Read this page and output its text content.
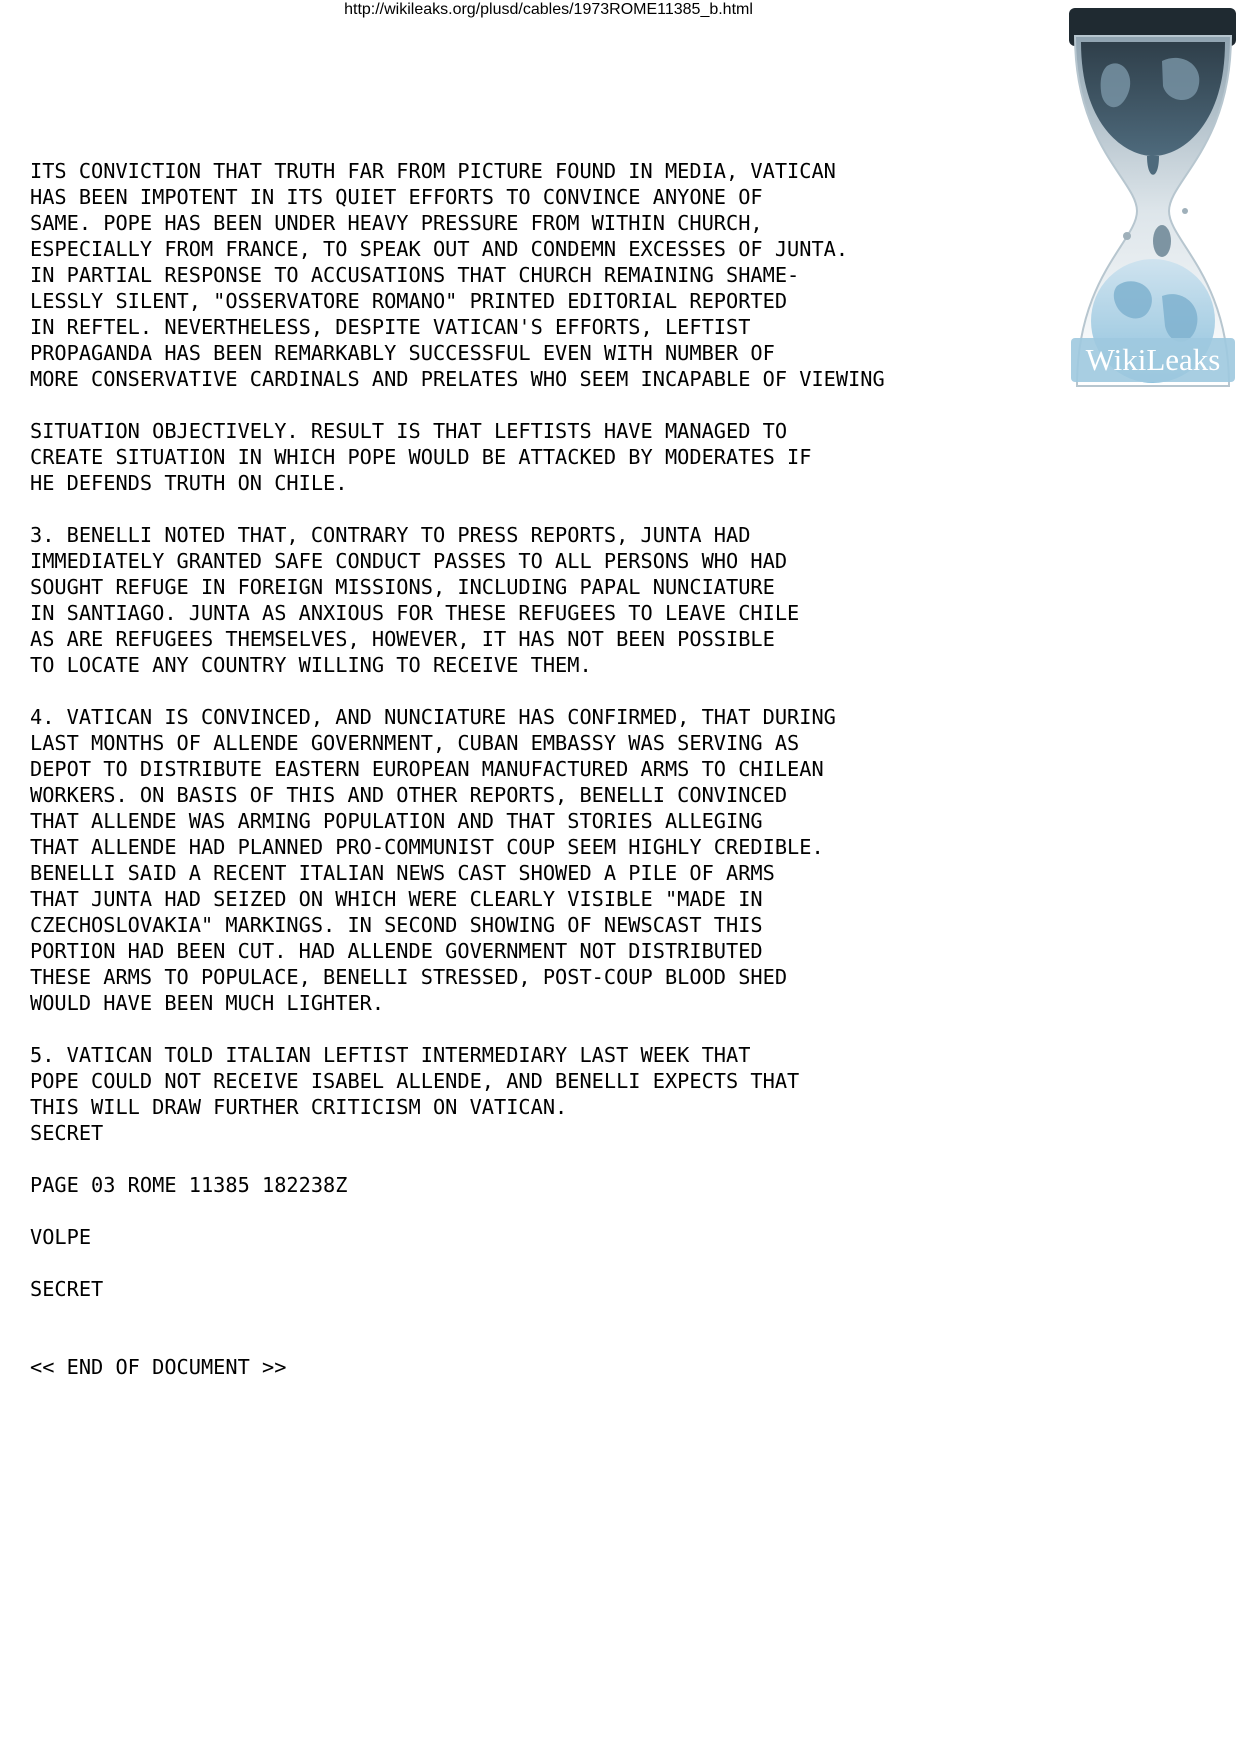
http://wikileaks.org/plusd/cables/1973ROME11385_b.html
WikiLeaks
ITS CONVICTION THAT TRUTH FAR FROM PICTURE FOUND IN MEDIA, VATICAN
HAS BEEN IMPOTENT IN ITS QUIET EFFORTS TO CONVINCE ANYONE OF
SAME. POPE HAS BEEN UNDER HEAVY PRESSURE FROM WITHIN CHURCH,
ESPECIALLY FROM FRANCE, TO SPEAK OUT AND CONDEMN EXCESSES OF JUNTA.
IN PARTIAL RESPONSE TO ACCUSATIONS THAT CHURCH REMAINING SHAME-
LESSLY SILENT, "OSSERVATORE ROMANO" PRINTED EDITORIAL REPORTED
IN REFTEL. NEVERTHELESS, DESPITE VATICAN'S EFFORTS, LEFTIST
PROPAGANDA HAS BEEN REMARKABLY SUCCESSFUL EVEN WITH NUMBER OF
MORE CONSERVATIVE CARDINALS AND PRELATES WHO SEEM INCAPABLE OF VIEWING
SITUATION OBJECTIVELY. RESULT IS THAT LEFTISTS HAVE MANAGED TO
CREATE SITUATION IN WHICH POPE WOULD BE ATTACKED BY MODERATES IF
HE DEFENDS TRUTH ON CHILE.
3. BENELLI NOTED THAT, CONTRARY TO PRESS REPORTS, JUNTA HAD
IMMEDIATELY GRANTED SAFE CONDUCT PASSES TO ALL PERSONS WHO HAD
SOUGHT REFUGE IN FOREIGN MISSIONS, INCLUDING PAPAL NUNCIATURE
IN SANTIAGO. JUNTA AS ANXIOUS FOR THESE REFUGEES TO LEAVE CHILE
AS ARE REFUGEES THEMSELVES, HOWEVER, IT HAS NOT BEEN POSSIBLE
TO LOCATE ANY COUNTRY WILLING TO RECEIVE THEM.
4. VATICAN IS CONVINCED, AND NUNCIATURE HAS CONFIRMED, THAT DURING
LAST MONTHS OF ALLENDE GOVERNMENT, CUBAN EMBASSY WAS SERVING AS
DEPOT TO DISTRIBUTE EASTERN EUROPEAN MANUFACTURED ARMS TO CHILEAN
WORKERS. ON BASIS OF THIS AND OTHER REPORTS, BENELLI CONVINCED
THAT ALLENDE WAS ARMING POPULATION AND THAT STORIES ALLEGING
THAT ALLENDE HAD PLANNED PRO-COMMUNIST COUP SEEM HIGHLY CREDIBLE.
BENELLI SAID A RECENT ITALIAN NEWS CAST SHOWED A PILE OF ARMS
THAT JUNTA HAD SEIZED ON WHICH WERE CLEARLY VISIBLE "MADE IN
CZECHOSLOVAKIA" MARKINGS. IN SECOND SHOWING OF NEWSCAST THIS
PORTION HAD BEEN CUT. HAD ALLENDE GOVERNMENT NOT DISTRIBUTED
THESE ARMS TO POPULACE, BENELLI STRESSED, POST-COUP BLOOD SHED
WOULD HAVE BEEN MUCH LIGHTER.
5. VATICAN TOLD ITALIAN LEFTIST INTERMEDIARY LAST WEEK THAT
POPE COULD NOT RECEIVE ISABEL ALLENDE, AND BENELLI EXPECTS THAT
THIS WILL DRAW FURTHER CRITICISM ON VATICAN.
SECRET
PAGE 03 ROME 11385 182238Z
VOLPE
SECRET
<< END OF DOCUMENT >>
